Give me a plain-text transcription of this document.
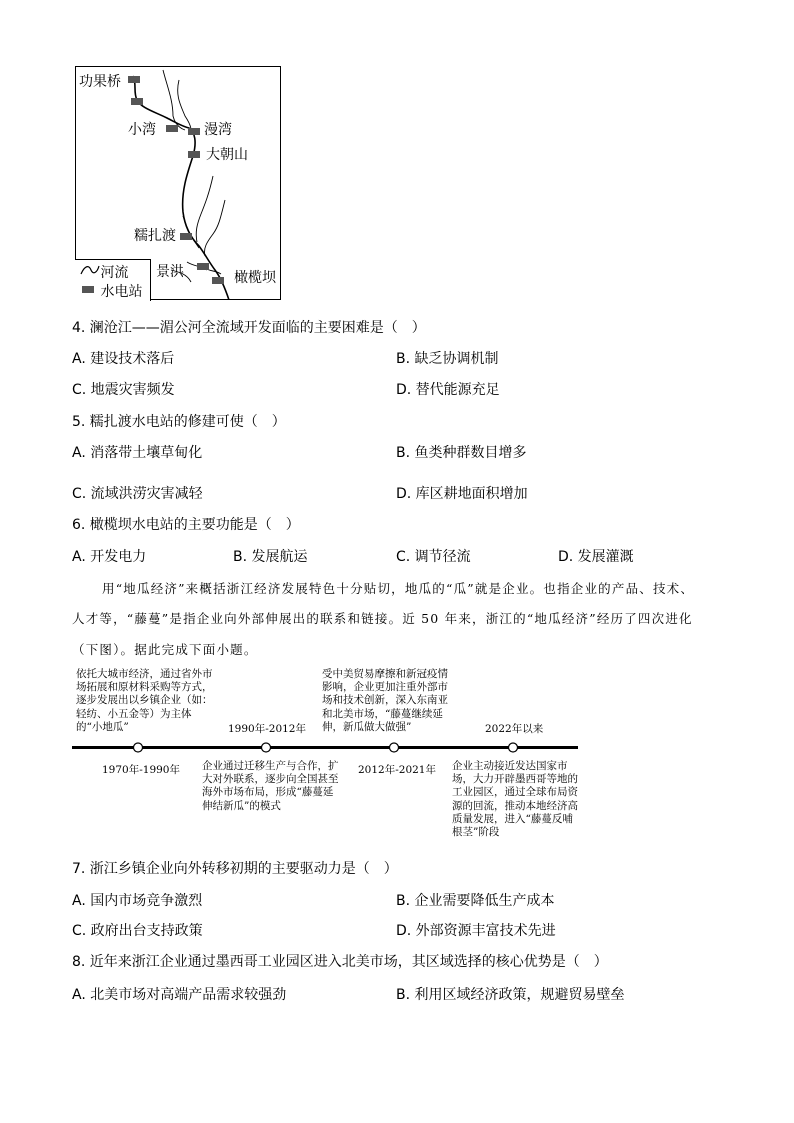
功果桥
小湾	漫湾
大朝山
糯扎渡
景洪	橄榄坝
河流
水电站
4. 澜沧江——湄公河全流域开发面临的主要困难是（　）
A. 建设技术落后	B. 缺乏协调机制
C. 地震灾害频发	D. 替代能源充足
5. 糯扎渡水电站的修建可使（　）
A. 消落带土壤草甸化	B. 鱼类种群数目增多
C. 流域洪涝灾害减轻	D. 库区耕地面积增加
6. 橄榄坝水电站的主要功能是（　）
A. 开发电力	B. 发展航运	C. 调节径流	D. 发展灌溉
用“地瓜经济”来概括浙江经济发展特色十分贴切，地瓜的“瓜”就是企业。也指企业的产品、技术、
人才等，“藤蔓”是指企业向外部伸展出的联系和链接。近 50 年来，浙江的“地瓜经济”经历了四次进化
（下图）。据此完成下面小题。
依托大城市经济，通过省外市场拓展和原材料采购等方式，逐步发展出以乡镇企业（如：轻纺、小五金等）为主体的“小地瓜”
1970年-1990年
1990年-2012年
企业通过迁移生产与合作，扩大对外联系，逐步向全国甚至海外市场布局，形成“藤蔓延伸结新瓜”的模式
受中美贸易摩擦和新冠疫情影响，企业更加注重外部市场和技术创新，深入东南亚和北美市场，“藤蔓继续延伸，新瓜做大做强”
2012年-2021年
2022年以来
企业主动接近发达国家市场，大力开辟墨西哥等地的工业园区，通过全球布局资源的回流，推动本地经济高质量发展，进入“藤蔓反哺根茎”阶段
7. 浙江乡镇企业向外转移初期的主要驱动力是（　）
A. 国内市场竞争激烈	B. 企业需要降低生产成本
C. 政府出台支持政策	D. 外部资源丰富技术先进
8. 近年来浙江企业通过墨西哥工业园区进入北美市场，其区域选择的核心优势是（　）
A. 北美市场对高端产品需求较强劲	B. 利用区域经济政策，规避贸易壁垒
